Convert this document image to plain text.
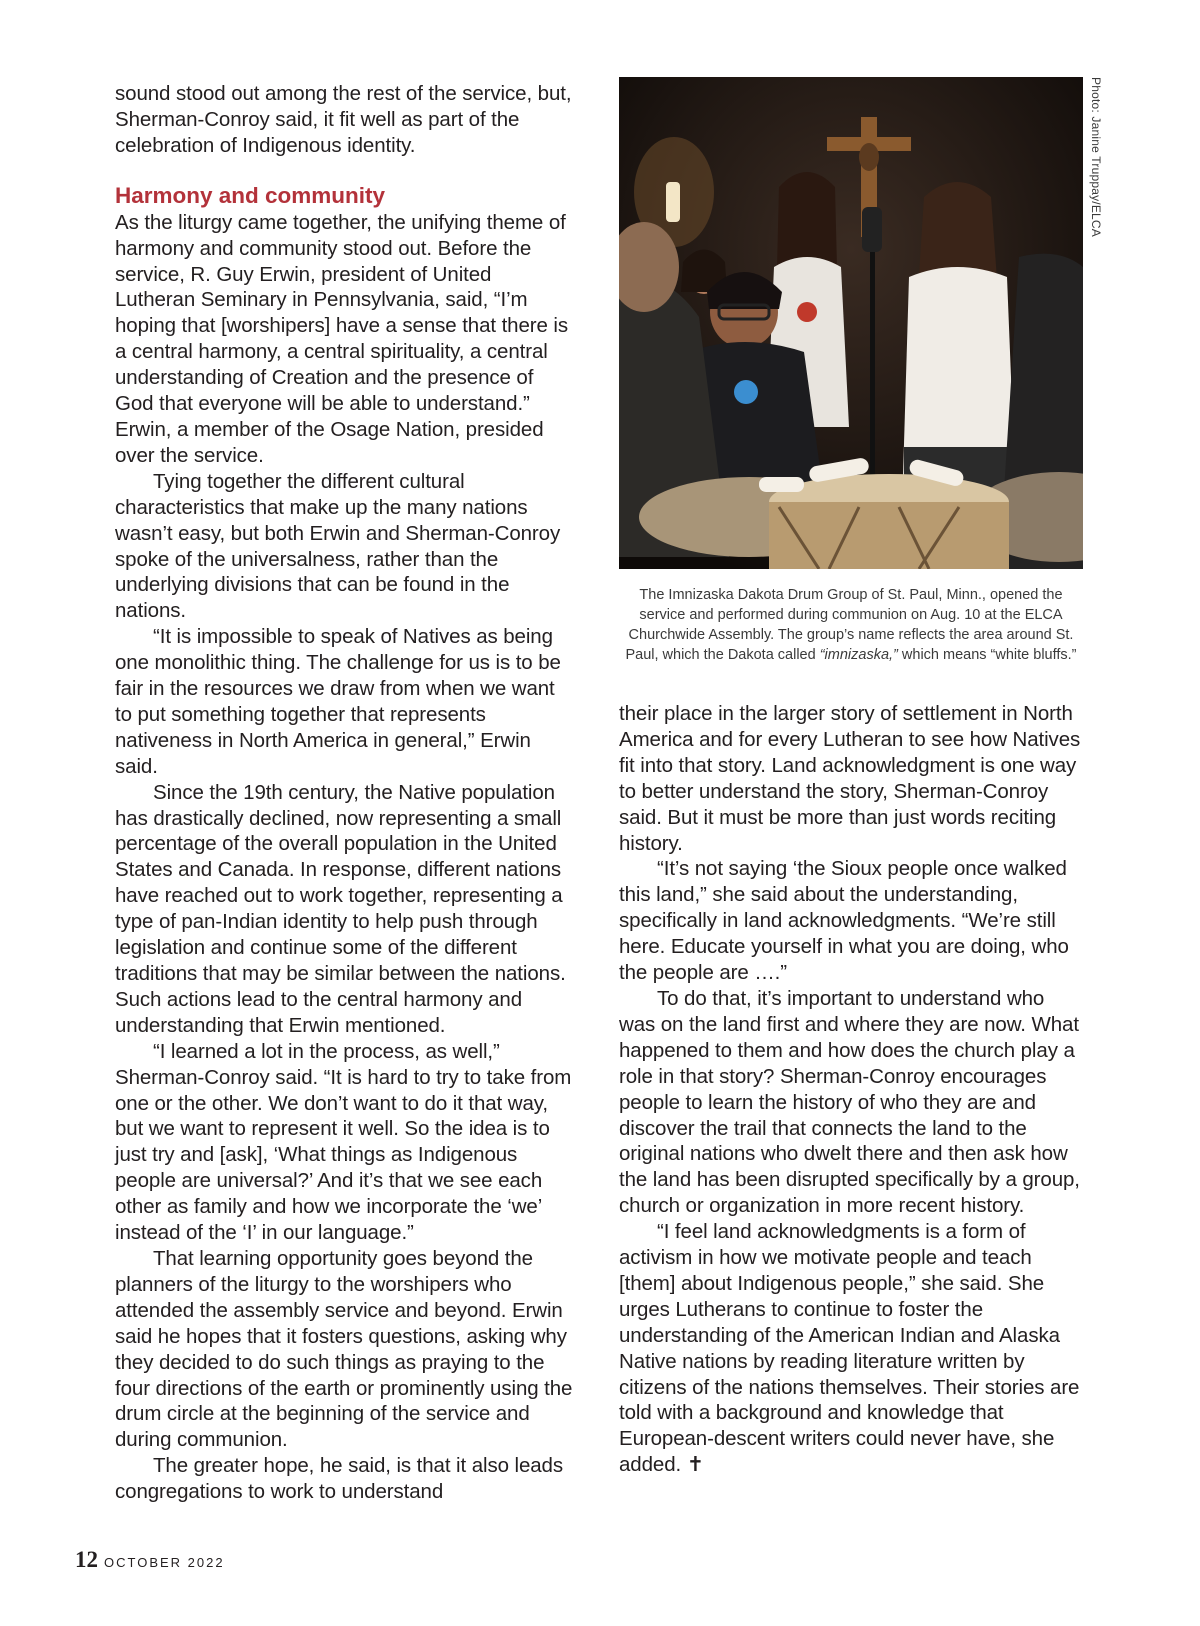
sound stood out among the rest of the service, but, Sherman-Conroy said, it fit well as part of the celebration of Indigenous identity.

Harmony and community

As the liturgy came together, the unifying theme of harmony and community stood out. Before the service, R. Guy Erwin, president of United Lutheran Seminary in Pennsylvania, said, “I’m hoping that [worshipers] have a sense that there is a central harmony, a central spirituality, a central understanding of Creation and the presence of God that everyone will be able to understand.” Erwin, a member of the Osage Nation, presided over the service.

Tying together the different cultural characteristics that make up the many nations wasn’t easy, but both Erwin and Sherman-Conroy spoke of the universalness, rather than the underlying divisions that can be found in the nations.

“It is impossible to speak of Natives as being one monolithic thing. The challenge for us is to be fair in the resources we draw from when we want to put something together that represents nativeness in North America in general,” Erwin said.

Since the 19th century, the Native population has drastically declined, now representing a small percentage of the overall population in the United States and Canada. In response, different nations have reached out to work together, representing a type of pan-Indian identity to help push through legislation and continue some of the different traditions that may be similar between the nations. Such actions lead to the central harmony and understanding that Erwin mentioned.

“I learned a lot in the process, as well,” Sherman-Conroy said. “It is hard to try to take from one or the other. We don’t want to do it that way, but we want to represent it well. So the idea is to just try and [ask], ‘What things as Indigenous people are universal?’ And it’s that we see each other as family and how we incorporate the ‘we’ instead of the ‘I’ in our language.”

That learning opportunity goes beyond the planners of the liturgy to the worshipers who attended the assembly service and beyond. Erwin said he hopes that it fosters questions, asking why they decided to do such things as praying to the four directions of the earth or prominently using the drum circle at the beginning of the service and during communion.

The greater hope, he said, is that it also leads congregations to work to understand

Photo: Janine Truppay/ELCA
The Imnizaska Dakota Drum Group of St. Paul, Minn., opened the service and performed during communion on Aug. 10 at the ELCA Churchwide Assembly. The group’s name reflects the area around St. Paul, which the Dakota called “imnizaska,” which means “white bluffs.”

their place in the larger story of settlement in North America and for every Lutheran to see how Natives fit into that story. Land acknowledgment is one way to better understand the story, Sherman-Conroy said. But it must be more than just words reciting history.

“It’s not saying ‘the Sioux people once walked this land,” she said about the understanding, specifically in land acknowledgments. “We’re still here. Educate yourself in what you are doing, who the people are ….”

To do that, it’s important to understand who was on the land first and where they are now. What happened to them and how does the church play a role in that story? Sherman-Conroy encourages people to learn the history of who they are and discover the trail that connects the land to the original nations who dwelt there and then ask how the land has been disrupted specifically by a group, church or organization in more recent history.

“I feel land acknowledgments is a form of activism in how we motivate people and teach [them] about Indigenous people,” she said. She urges Lutherans to continue to foster the understanding of the American Indian and Alaska Native nations by reading literature written by citizens of the nations themselves. Their stories are told with a background and knowledge that European-descent writers could never have, she added. ✝

12 OCTOBER 2022
